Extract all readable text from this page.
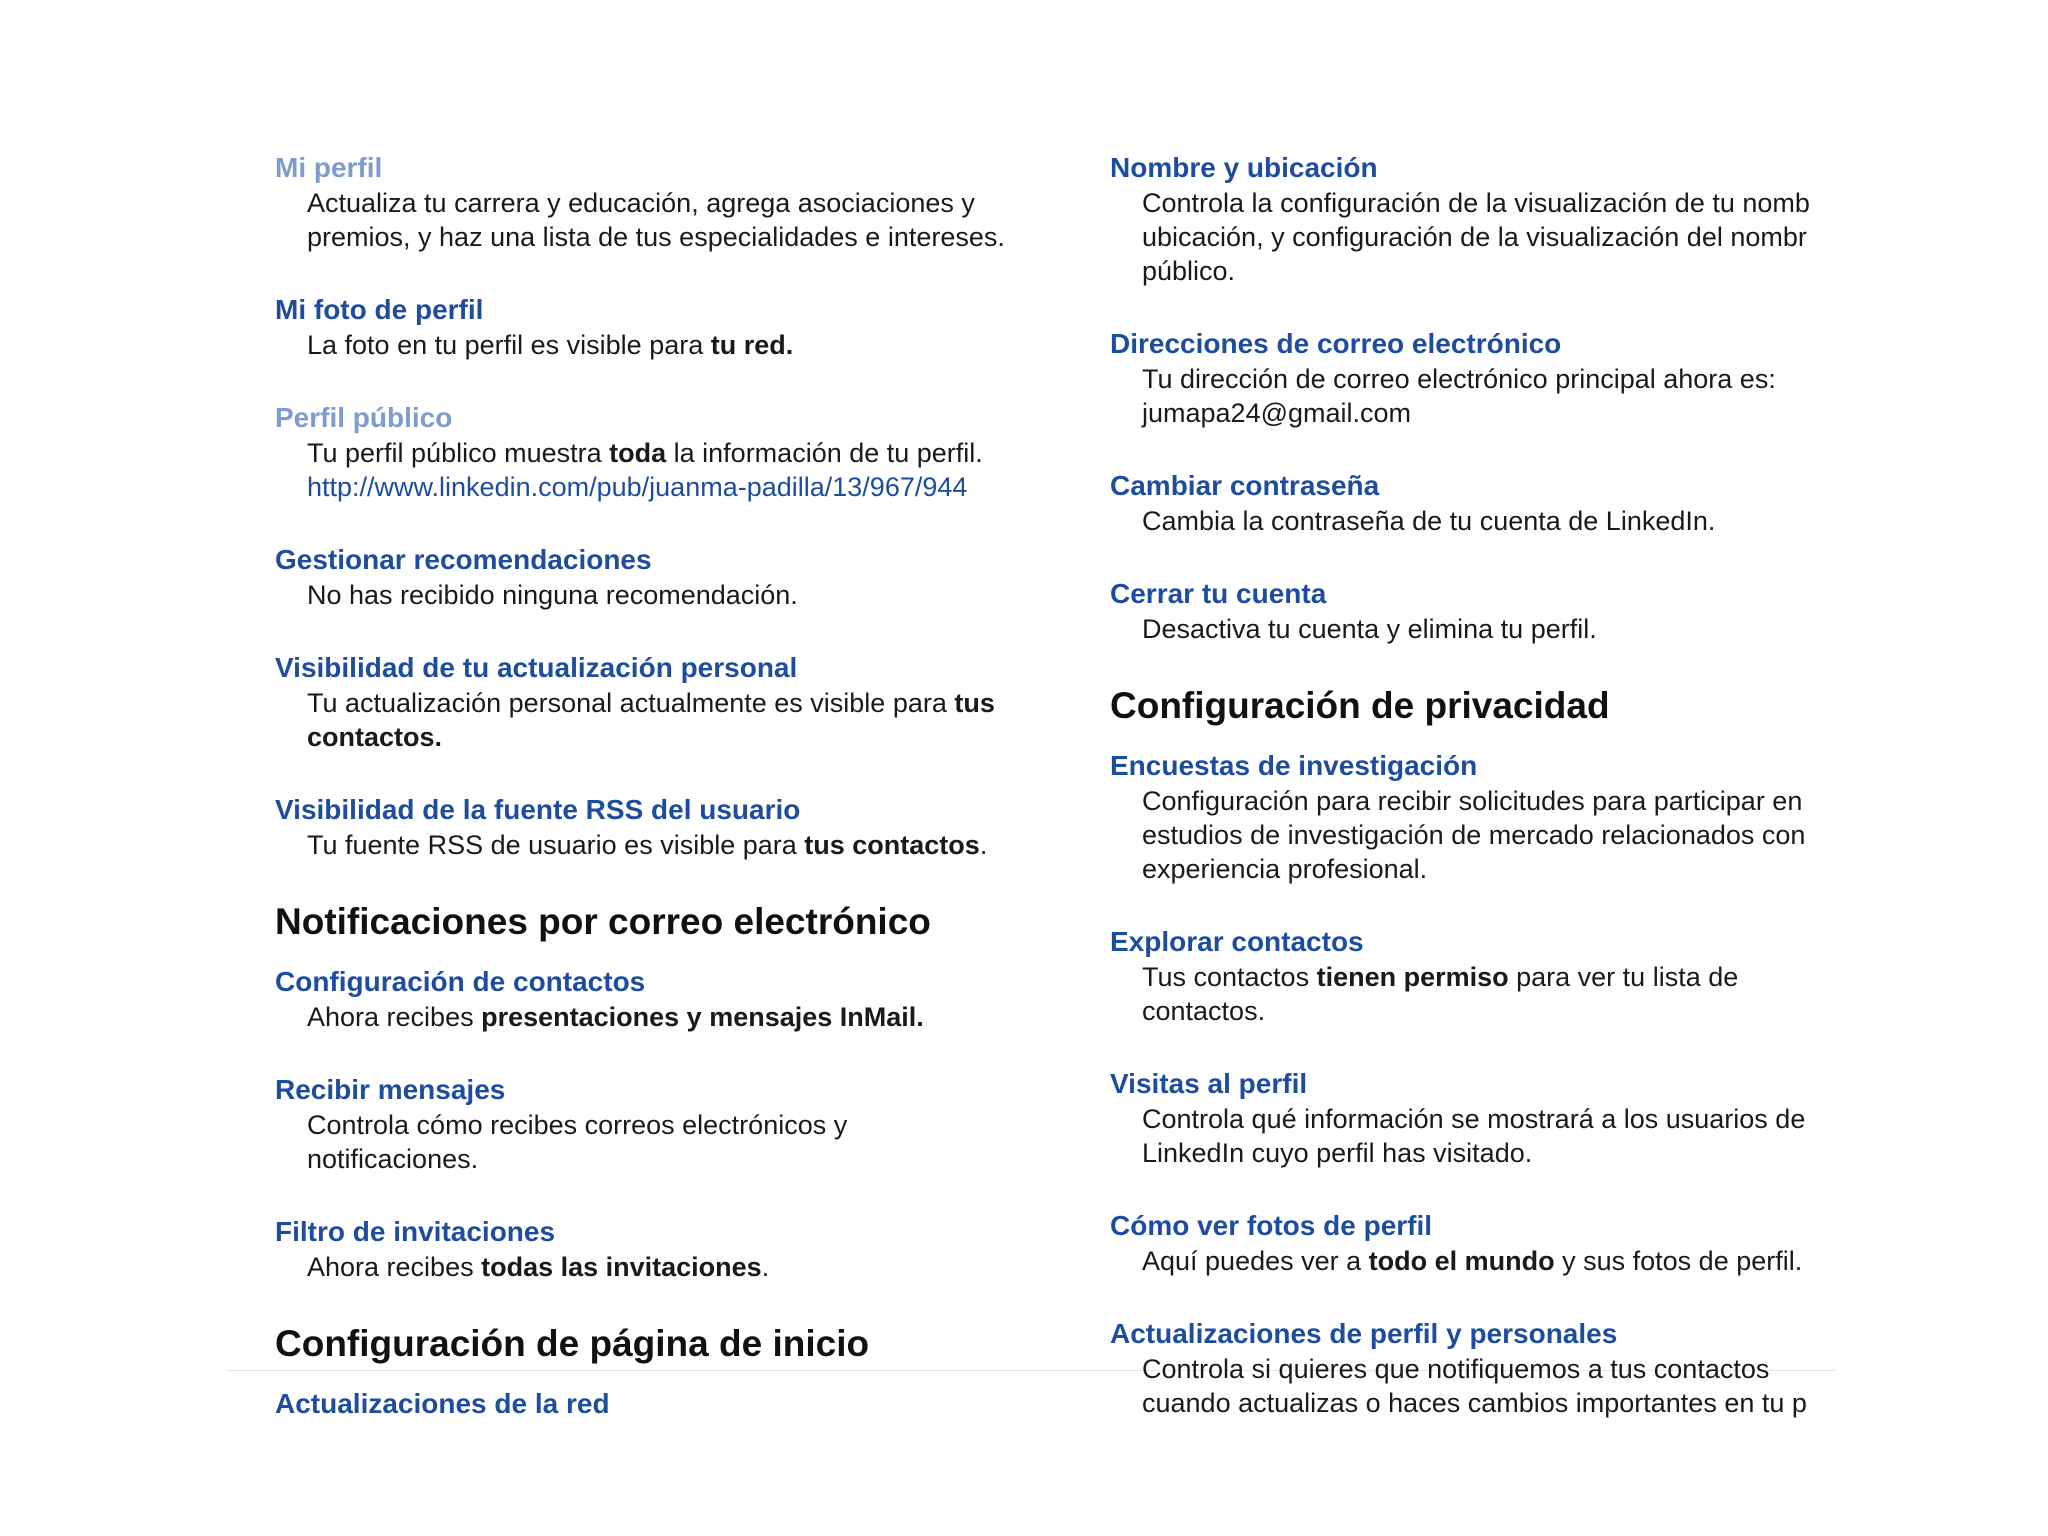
Mi perfil
Actualiza tu carrera y educación, agrega asociaciones y
premios, y haz una lista de tus especialidades e intereses.
Mi foto de perfil
La foto en tu perfil es visible para tu red.
Perfil público
Tu perfil público muestra toda la información de tu perfil.
http://www.linkedin.com/pub/juanma-padilla/13/967/944
Gestionar recomendaciones
No has recibido ninguna recomendación.
Visibilidad de tu actualización personal
Tu actualización personal actualmente es visible para tus
contactos.
Visibilidad de la fuente RSS del usuario
Tu fuente RSS de usuario es visible para tus contactos.
Notificaciones por correo electrónico
Configuración de contactos
Ahora recibes presentaciones y mensajes InMail.
Recibir mensajes
Controla cómo recibes correos electrónicos y
notificaciones.
Filtro de invitaciones
Ahora recibes todas las invitaciones.
Configuración de página de inicio
Actualizaciones de la red
Nombre y ubicación
Controla la configuración de la visualización de tu nomb
ubicación, y configuración de la visualización del nombr
público.
Direcciones de correo electrónico
Tu dirección de correo electrónico principal ahora es:
jumapa24@gmail.com
Cambiar contraseña
Cambia la contraseña de tu cuenta de LinkedIn.
Cerrar tu cuenta
Desactiva tu cuenta y elimina tu perfil.
Configuración de privacidad
Encuestas de investigación
Configuración para recibir solicitudes para participar en
estudios de investigación de mercado relacionados con
experiencia profesional.
Explorar contactos
Tus contactos tienen permiso para ver tu lista de
contactos.
Visitas al perfil
Controla qué información se mostrará a los usuarios de
LinkedIn cuyo perfil has visitado.
Cómo ver fotos de perfil
Aquí puedes ver a todo el mundo y sus fotos de perfil.
Actualizaciones de perfil y personales
Controla si quieres que notifiquemos a tus contactos
cuando actualizas o haces cambios importantes en tu p
